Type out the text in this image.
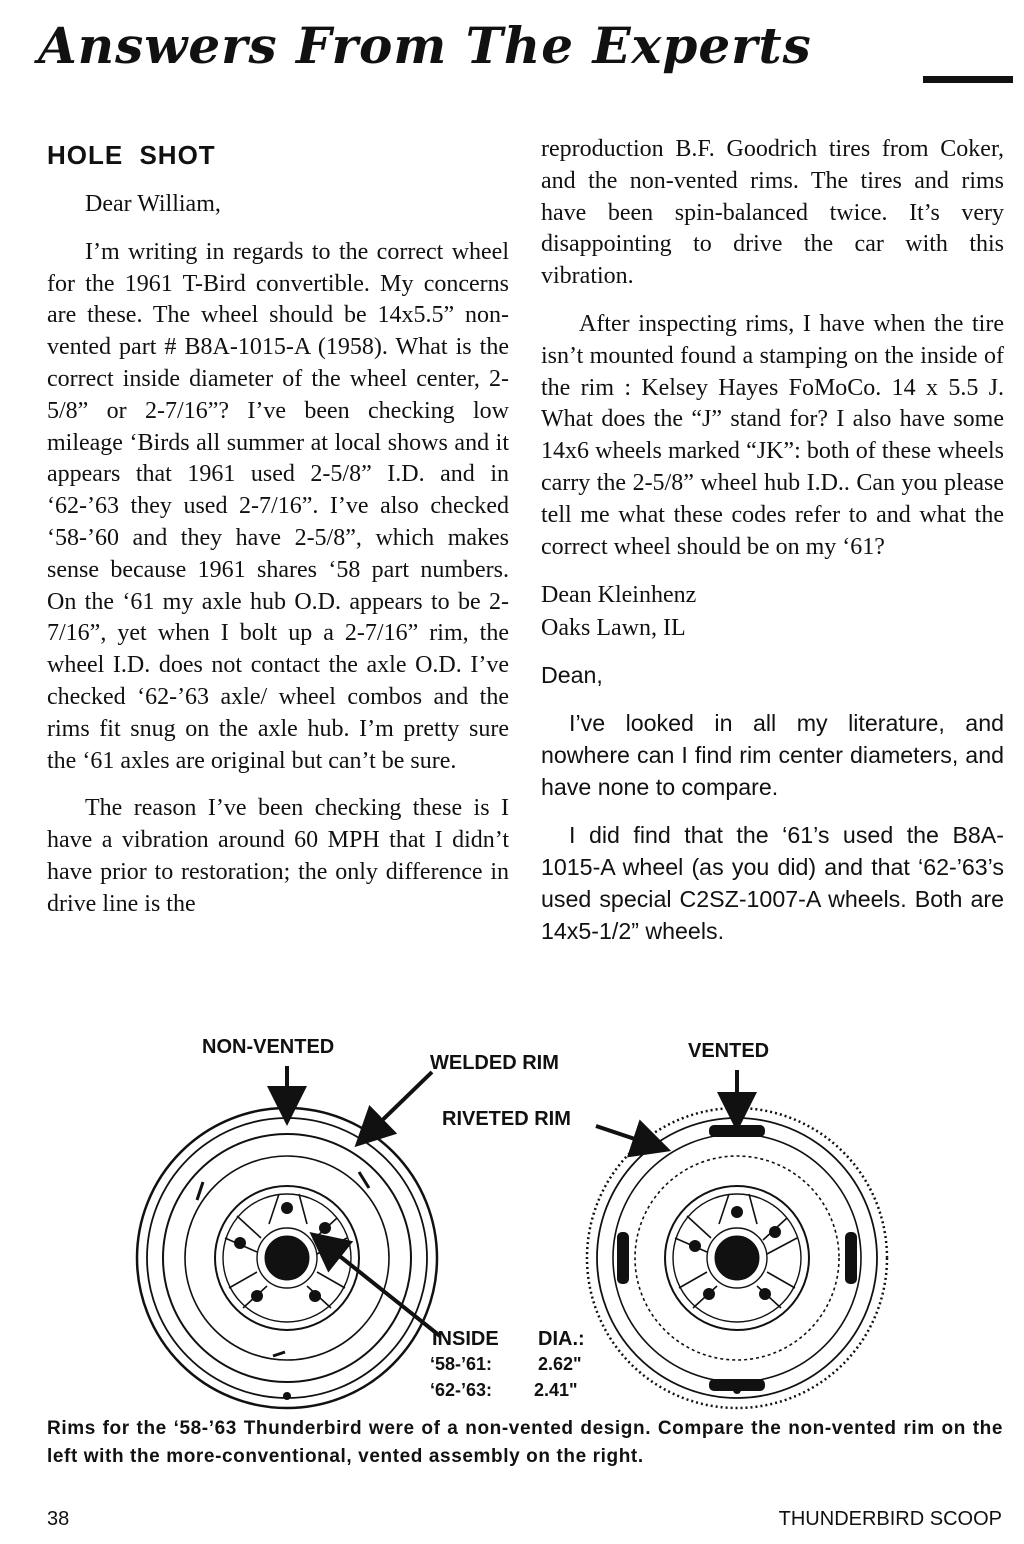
Answers From The Experts
HOLE SHOT

Dear William,

I’m writing in regards to the correct wheel for the 1961 T-Bird convertible. My concerns are these. The wheel should be 14x5.5” non-vented part # B8A-1015-A (1958). What is the correct inside diameter of the wheel center, 2-5/8” or 2-7/16”? I’ve been checking low mileage ‘Birds all summer at local shows and it appears that 1961 used 2-5/8” I.D. and in ‘62-’63 they used 2-7/16”. I’ve also checked ‘58-’60 and they have 2-5/8”, which makes sense because 1961 shares ‘58 part numbers. On the ‘61 my axle hub O.D. appears to be 2-7/16”, yet when I bolt up a 2-7/16” rim, the wheel I.D. does not contact the axle O.D. I’ve checked ‘62-’63 axle/ wheel combos and the rims fit snug on the axle hub. I’m pretty sure the ‘61 axles are original but can’t be sure.

The reason I’ve been checking these is I have a vibration around 60 MPH that I didn’t have prior to restoration; the only difference in drive line is the

reproduction B.F. Goodrich tires from Coker, and the non-vented rims. The tires and rims have been spin-balanced twice. It’s very disappointing to drive the car with this vibration.

After inspecting rims, I have when the tire isn’t mounted found a stamping on the inside of the rim : Kelsey Hayes FoMoCo. 14 x 5.5 J. What does the “J” stand for? I also have some 14x6 wheels marked “JK”: both of these wheels carry the 2-5/8” wheel hub I.D.. Can you please tell me what these codes refer to and what the correct wheel should be on my ‘61?

Dean Kleinhenz

Oaks Lawn, IL

Dean,

I’ve looked in all my literature, and nowhere can I find rim center diameters, and have none to compare.

I did find that the ‘61’s used the B8A-1015-A wheel (as you did) and that ‘62-’63’s used special C2SZ-1007-A wheels. Both are 14x5-1/2” wheels.

NON-VENTED
WELDED RIM
VENTED
RIVETED RIM
INSIDE DIA.:
‘58-’61:	2.62"
‘62-’63: 2.41"
Rims for the ‘58-’63 Thunderbird were of a non-vented design. Compare the non-vented rim on the left with the more-conventional, vented assembly on the right.
38	THUNDERBIRD SCOOP
